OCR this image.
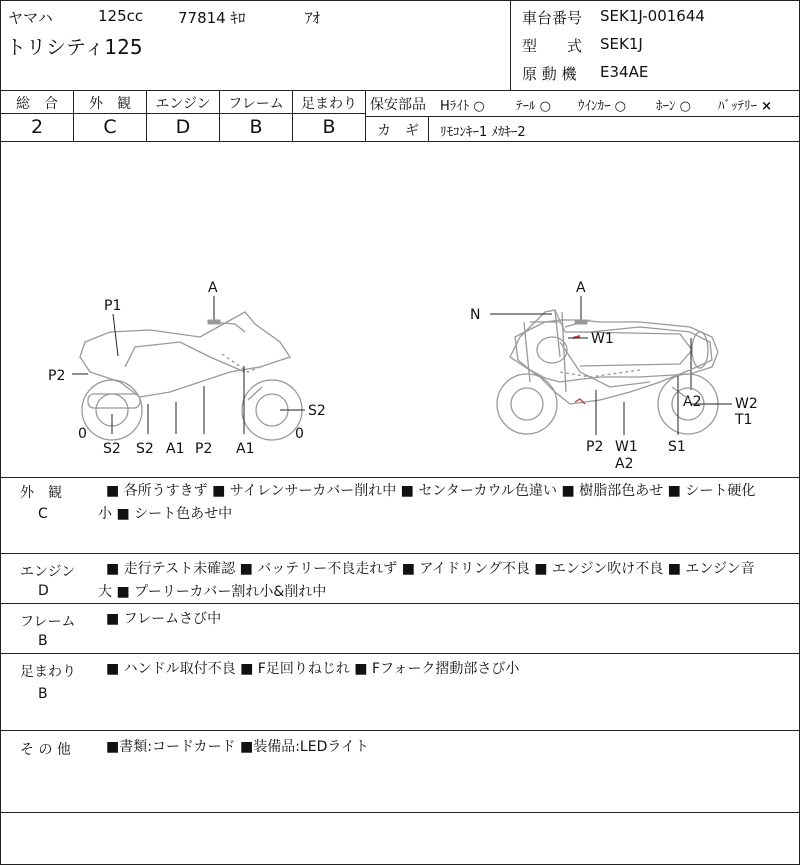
ヤマハ	125cc 77814 ｷﾛ	ｱｵ
トリシティ125
車台番号 SEK1J-001644
型　　式 SEK1J
原 動 機 E34AE
総　合	外　観	エンジン	フレーム	足まわり
2	C	D	B	B
保安部品 Hﾗｲﾄ ○ ﾃｰﾙ ○ ｳｲﾝｶｰ ○ ﾎｰﾝ ○ ﾊﾞｯﾃﾘｰ ×
カ　ギ ﾘﾓｺﾝｷｰ1 ﾒｶｷｰ2
A2
A
P1
P2
0
S2 S2 A1 P2 A1
S2
0
A
N
W1
W2
T1
P2 W1
A2
S1
外　観
C
■ 各所うすきず ■ サイレンサーカバー削れ中 ■ センターカウル色違い ■ 樹脂部色あせ ■ シート硬化
小 ■ シート色あせ中
エンジン
D
■ 走行テスト未確認 ■ バッテリー不良走れず ■ アイドリング不良 ■ エンジン吹け不良 ■ エンジン音
大 ■ プーリーカバー割れ小&削れ中
フレーム
B
■ フレームさび中
足まわり
B
■ ハンドル取付不良 ■ F足回りねじれ ■ Fフォーク摺動部さび小
そ の 他	■書類:コードカード ■装備品:LEDライト
